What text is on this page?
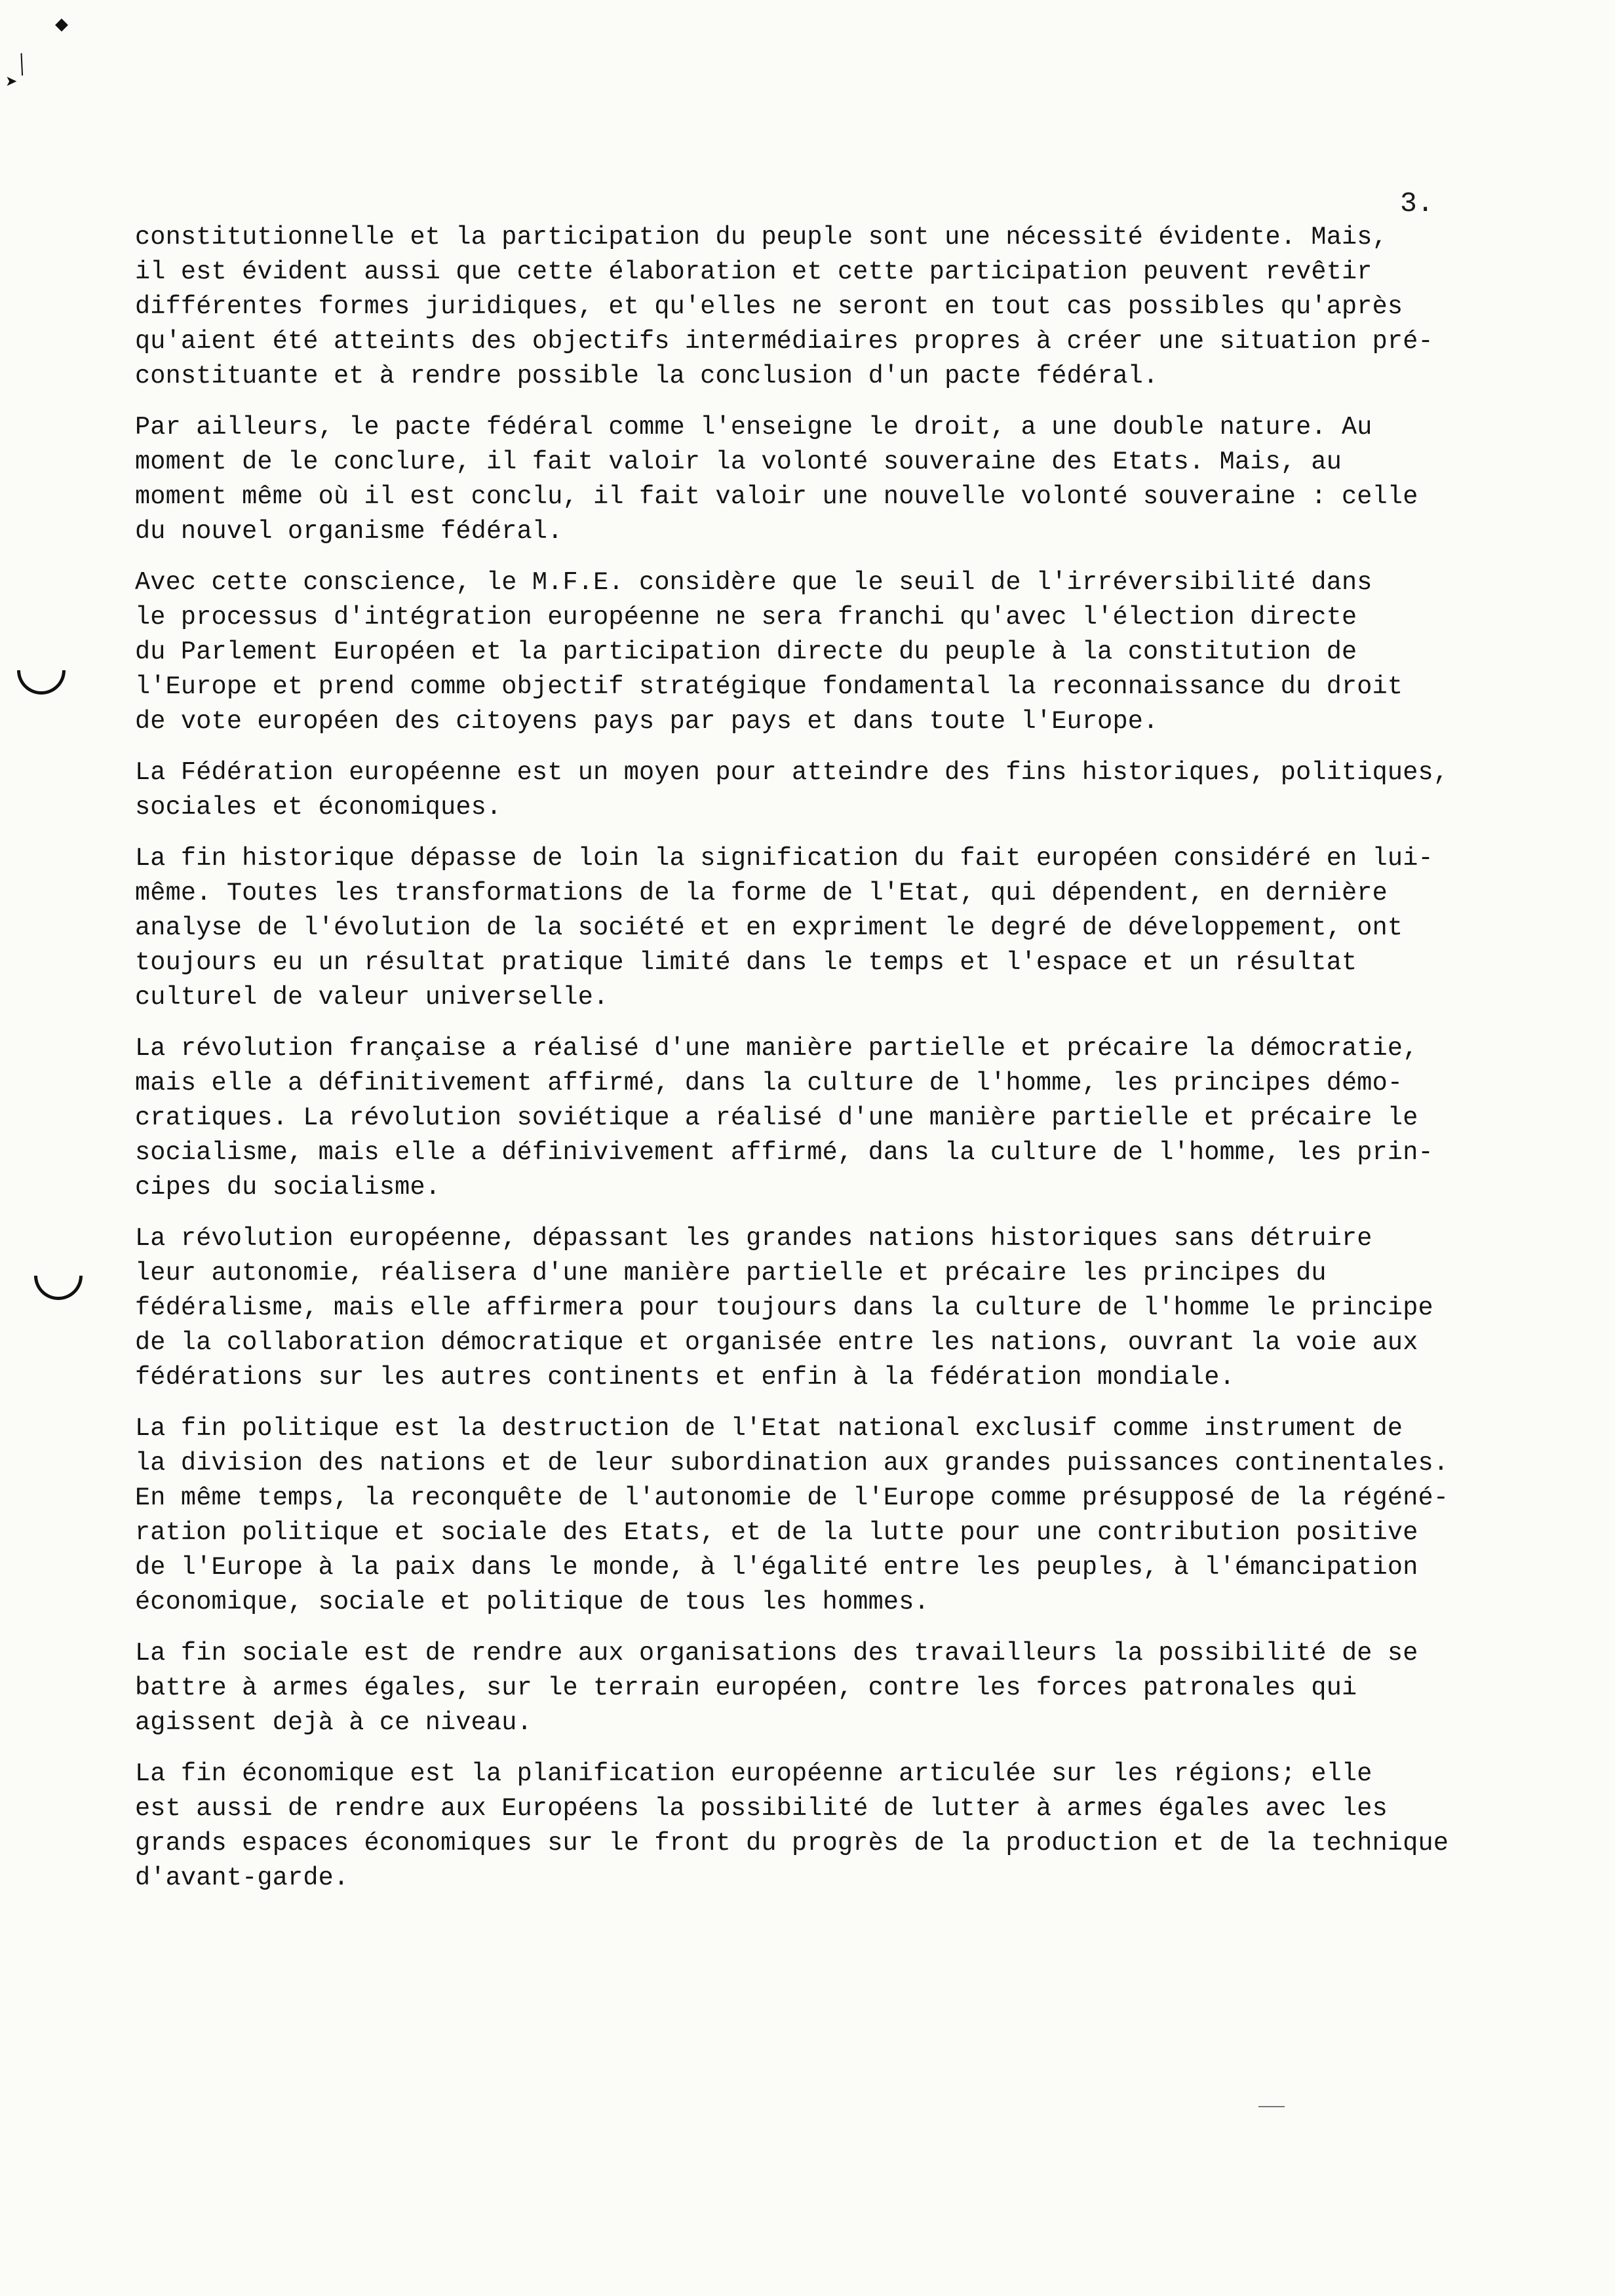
◆
╱
➤
3.
constitutionnelle et la participation du peuple sont une nécessité évidente. Mais,
il est évident aussi que cette élaboration et cette participation peuvent revêtir
différentes formes juridiques, et qu'elles ne seront en tout cas possibles qu'après
qu'aient été atteints des objectifs intermédiaires propres à créer une situation pré-
constituante et à rendre possible la conclusion d'un pacte fédéral.
Par ailleurs, le pacte fédéral comme l'enseigne le droit, a une double nature. Au
moment de le conclure, il fait valoir la volonté souveraine des Etats. Mais, au
moment même où il est conclu, il fait valoir une nouvelle volonté souveraine : celle
du nouvel organisme fédéral.
Avec cette conscience, le M.F.E. considère que le seuil de l'irréversibilité dans
le processus d'intégration européenne ne sera franchi qu'avec l'élection directe
du Parlement Européen et la participation directe du peuple à la constitution de
l'Europe et prend comme objectif stratégique fondamental la reconnaissance du droit
de vote européen des citoyens pays par pays et dans toute l'Europe.
La Fédération européenne est un moyen pour atteindre des fins historiques, politiques,
sociales et économiques.
La fin historique dépasse de loin la signification du fait européen considéré en lui-
même. Toutes les transformations de la forme de l'Etat, qui dépendent, en dernière
analyse de l'évolution de la société et en expriment le degré de développement, ont
toujours eu un résultat pratique limité dans le temps et l'espace et un résultat
culturel de valeur universelle.
La révolution française a réalisé d'une manière partielle et précaire la démocratie,
mais elle a définitivement affirmé, dans la culture de l'homme, les principes démo-
cratiques. La révolution soviétique a réalisé d'une manière partielle et précaire le
socialisme, mais elle a définivivement affirmé, dans la culture de l'homme, les prin-
cipes du socialisme.
La révolution européenne, dépassant les grandes nations historiques sans détruire
leur autonomie, réalisera d'une manière partielle et précaire les principes du
fédéralisme, mais elle affirmera pour toujours dans la culture de l'homme le principe
de la collaboration démocratique et organisée entre les nations, ouvrant la voie aux
fédérations sur les autres continents et enfin à la fédération mondiale.
La fin politique est la destruction de l'Etat national exclusif comme instrument de
la division des nations et de leur subordination aux grandes puissances continentales.
En même temps, la reconquête de l'autonomie de l'Europe comme présupposé de la régéné-
ration politique et sociale des Etats, et de la lutte pour une contribution positive
de l'Europe à la paix dans le monde, à l'égalité entre les peuples, à l'émancipation
économique, sociale et politique de tous les hommes.
La fin sociale est de rendre aux organisations des travailleurs la possibilité de se
battre à armes égales, sur le terrain européen, contre les forces patronales qui
agissent dejà à ce niveau.
La fin économique est la planification européenne articulée sur les régions; elle
est aussi de rendre aux Européens la possibilité de lutter à armes égales avec les
grands espaces économiques sur le front du progrès de la production et de la technique
d'avant-garde.
